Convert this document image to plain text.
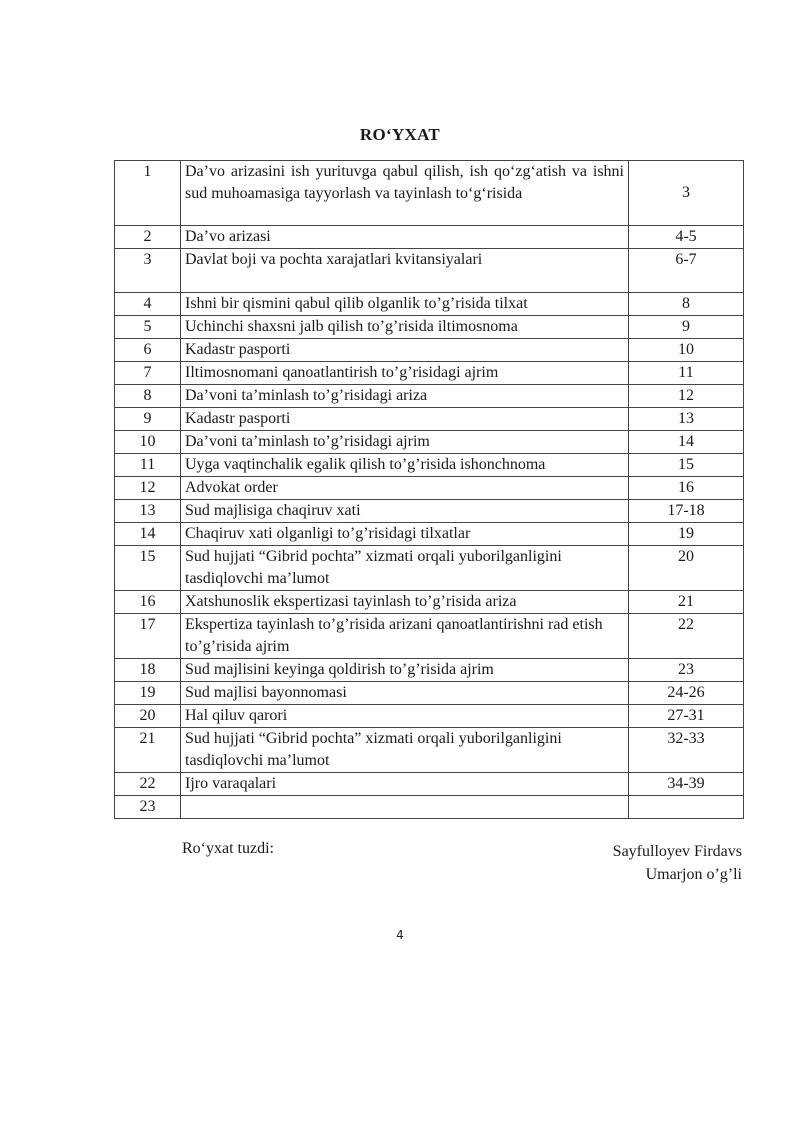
RO‘YXAT
1	Da’vo arizasini ish yurituvga qabul qilish, ish qo‘zg‘atish va ishni sud muhoamasiga tayyorlash va tayinlash to‘g‘risida	3
2	Da’vo arizasi	4-5
3	Davlat boji va pochta xarajatlari kvitansiyalari	6-7
4	Ishni bir qismini qabul qilib olganlik to’g’risida tilxat	8
5	Uchinchi shaxsni jalb qilish to’g’risida iltimosnoma	9
6	Kadastr pasporti	10
7	Iltimosnomani qanoatlantirish to’g’risidagi ajrim	11
8	Da’voni ta’minlash to’g’risidagi ariza	12
9	Kadastr pasporti	13
10	Da’voni ta’minlash to’g’risidagi ajrim	14
11	Uyga vaqtinchalik egalik qilish to’g’risida ishonchnoma	15
12	Advokat order	16
13	Sud majlisiga chaqiruv xati	17-18
14	Chaqiruv xati olganligi to’g’risidagi tilxatlar	19
15	Sud hujjati “Gibrid pochta” xizmati orqali yuborilganligini tasdiqlovchi ma’lumot	20
16	Xatshunoslik ekspertizasi tayinlash to’g’risida ariza	21
17	Ekspertiza tayinlash to’g’risida arizani qanoatlantirishni rad etish to’g’risida ajrim	22
18	Sud majlisini keyinga qoldirish to’g’risida ajrim	23
19	Sud majlisi bayonnomasi	24-26
20	Hal qiluv qarori	27-31
21	Sud hujjati “Gibrid pochta” xizmati orqali yuborilganligini tasdiqlovchi ma’lumot	32-33
22	Ijro varaqalari	34-39
23		
Ro‘yxat tuzdi:	Sayfulloyev Firdavs
Umarjon o’g’li
4
